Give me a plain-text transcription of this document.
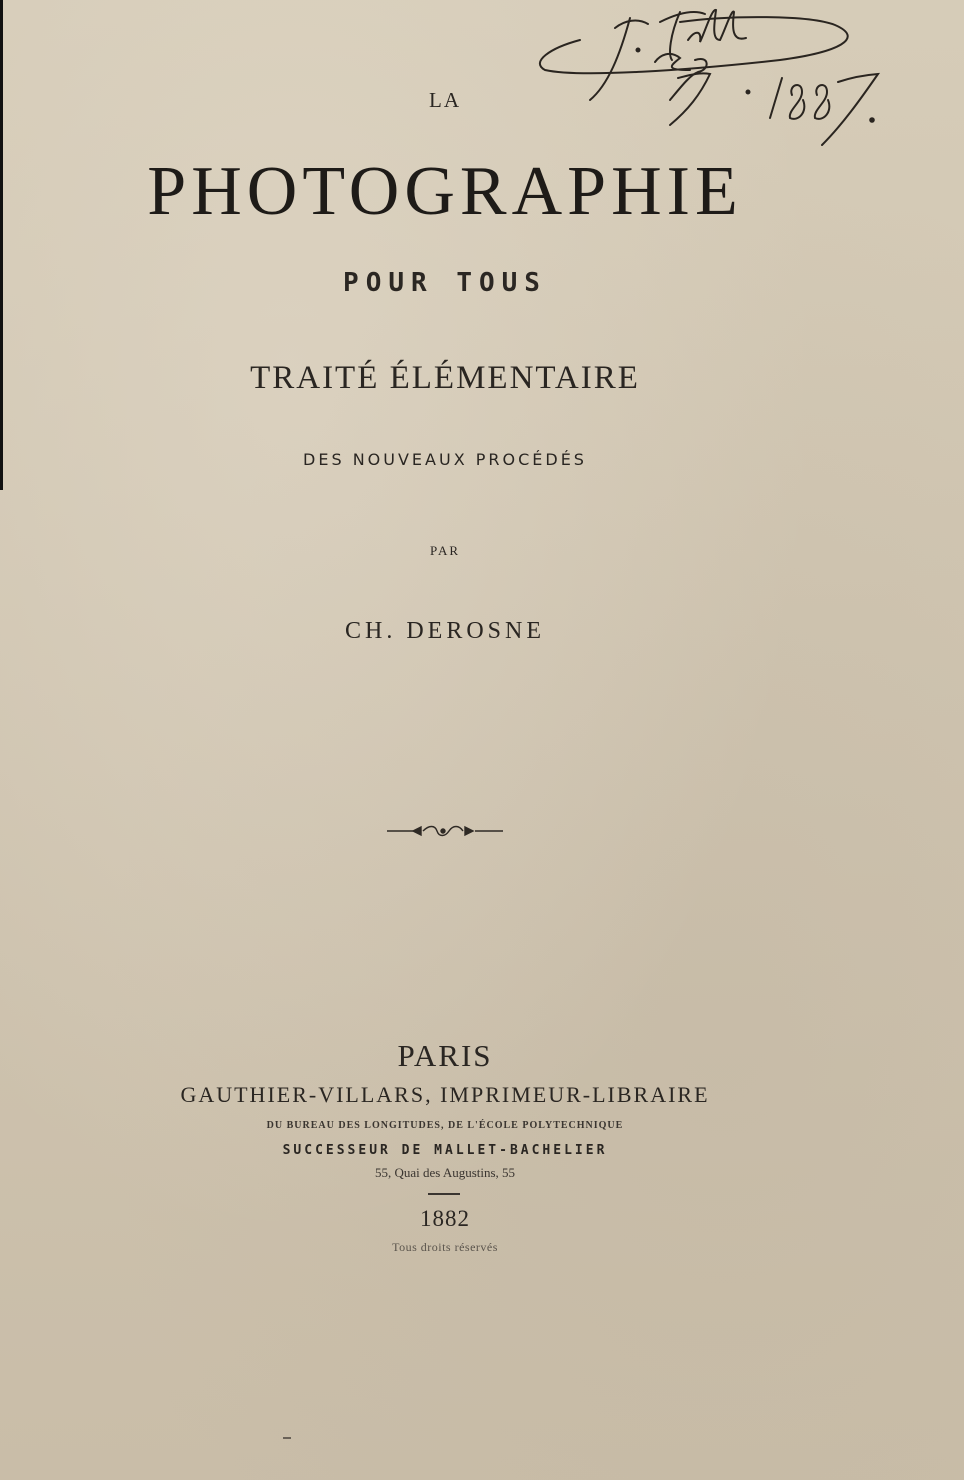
LA
PHOTOGRAPHIE
POUR TOUS
TRAITÉ ÉLÉMENTAIRE
DES NOUVEAUX PROCÉDÉS
PAR
CH. DEROSNE
PARIS
GAUTHIER-VILLARS, IMPRIMEUR-LIBRAIRE
DU BUREAU DES LONGITUDES, DE L'ÉCOLE POLYTECHNIQUE
SUCCESSEUR DE MALLET-BACHELIER
55, Quai des Augustins, 55
1882
Tous droits réservés
